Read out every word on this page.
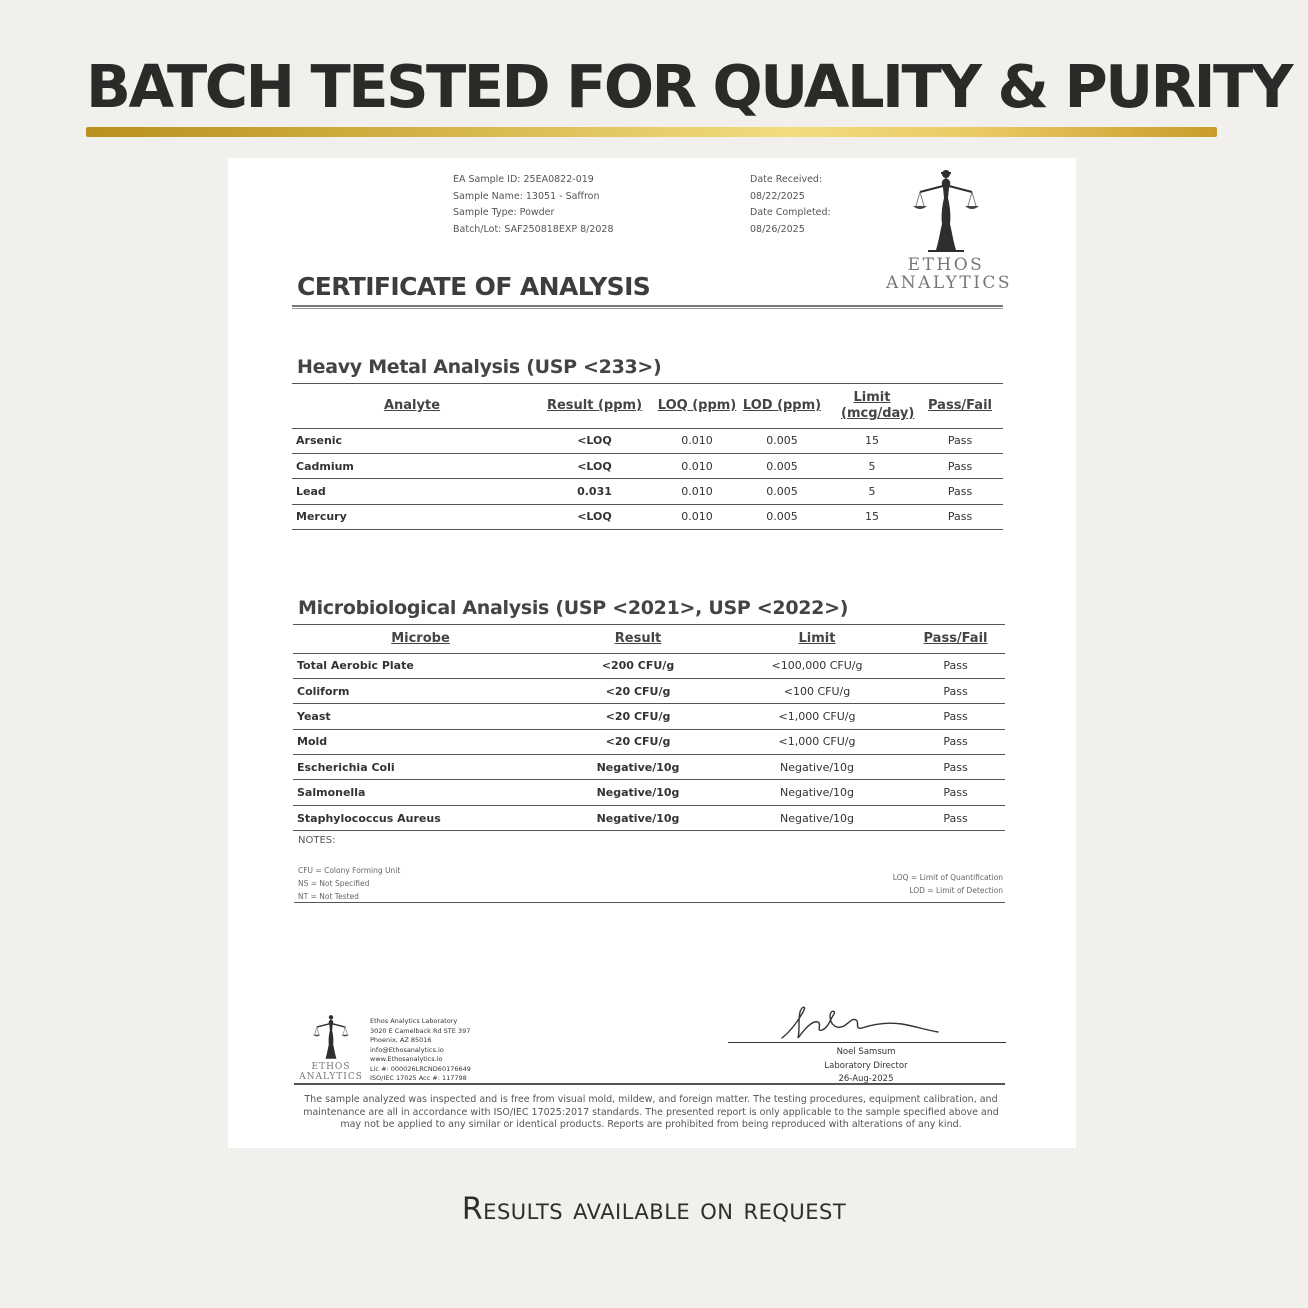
BATCH TESTED FOR QUALITY & PURITY
EA Sample ID: 25EA0822-019
Sample Name: 13051 - Saffron
Sample Type: Powder
Batch/Lot: SAF250818EXP 8/2028
Date Received:
08/22/2025
Date Completed:
08/26/2025
ETHOS
ANALYTICS
CERTIFICATE OF ANALYSIS
Heavy Metal Analysis (USP <233>)
Analyte	Result (ppm)	LOQ (ppm)	LOD (ppm)	Limit (mcg/day)	Pass/Fail
Arsenic	<LOQ	0.010	0.005	15	Pass
Cadmium	<LOQ	0.010	0.005	5	Pass
Lead	0.031	0.010	0.005	5	Pass
Mercury	<LOQ	0.010	0.005	15	Pass
Microbiological Analysis (USP <2021>, USP <2022>)
Microbe	Result	Limit	Pass/Fail
Total Aerobic Plate	<200 CFU/g	<100,000 CFU/g	Pass
Coliform	<20 CFU/g	<100 CFU/g	Pass
Yeast	<20 CFU/g	<1,000 CFU/g	Pass
Mold	<20 CFU/g	<1,000 CFU/g	Pass
Escherichia Coli	Negative/10g	Negative/10g	Pass
Salmonella	Negative/10g	Negative/10g	Pass
Staphylococcus Aureus	Negative/10g	Negative/10g	Pass
NOTES:
CFU = Colony Forming Unit
NS = Not Specified
NT = Not Tested
LOQ = Limit of Quantification
LOD = Limit of Detection
ETHOS
ANALYTICS
Ethos Analytics Laboratory
3020 E Camelback Rd STE 397
Phoenix, AZ 85016
info@Ethosanalytics.io
www.Ethosanalytics.io
Lic #: 000026LRCND60176649
ISO/IEC 17025 Acc #: 117798
Noel Samsum
Laboratory Director
26-Aug-2025
The sample analyzed was inspected and is free from visual mold, mildew, and foreign matter. The testing procedures, equipment calibration, and maintenance are all in accordance with ISO/IEC 17025:2017 standards. The presented report is only applicable to the sample specified above and may not be applied to any similar or identical products. Reports are prohibited from being reproduced with alterations of any kind.
Results available on request
